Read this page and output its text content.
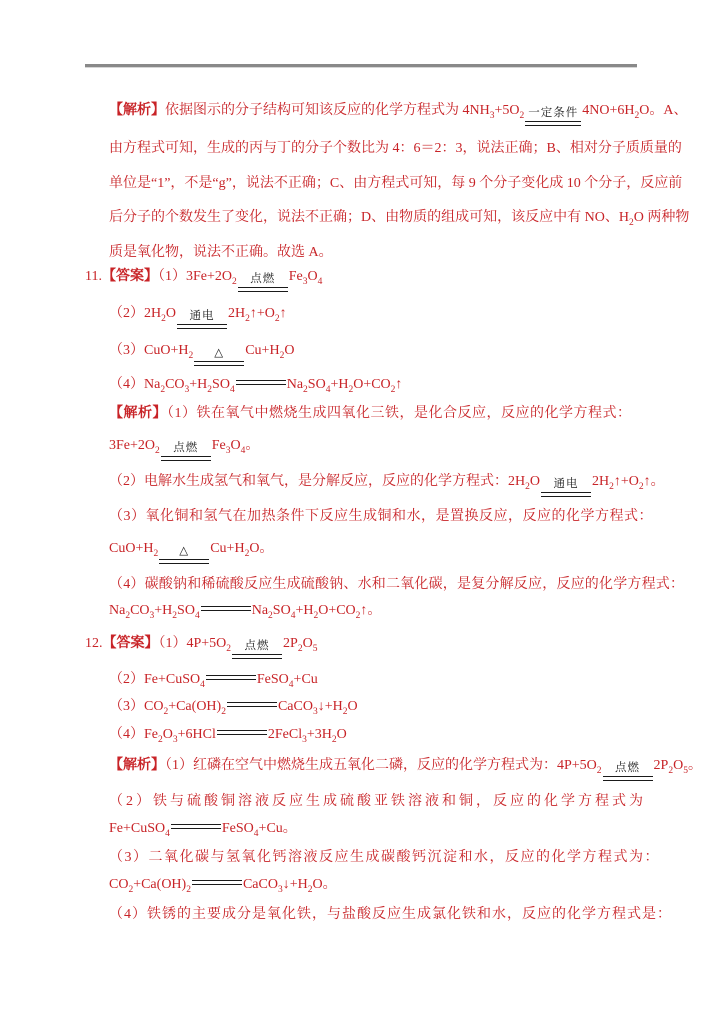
【解析】依据图示的分子结构可知该反应的化学方程式为 $4NH_3+5O_2$ 一定条件 $4NO+6H_2O$。A、
由方程式可知，生成的丙与丁的分子个数比为 4：6＝2：3，说法正确；B、相对分子质质量的
单位是“1”，不是“g”，说法不正确；C、由方程式可知，每 9 个分子变化成 10 个分子，反应前
后分子的个数发生了变化，说法不正确；D、由物质的组成可知，该反应中有 NO、$H_2O$ 两种物
质是氧化物，说法不正确。故选 A。
11.【答案】$(1)3Fe+2O_2$ 点燃 $Fe_3O_4$
$(2)2H_2O$ 通电 $2H_2↑+O_2↑$
$(3)CuO+H_2$ △ $Cu+H_2O$
$(4)Na_2CO_3+H_2SO_4$	$Na_2SO_4+H_2O+CO_2↑$
【解析】（1）铁在氧气中燃烧生成四氧化三铁，是化合反应，反应的化学方程式：
$3Fe+2O_2$ 点燃 $Fe_3O_4$。
（2）电解水生成氢气和氧气，是分解反应，反应的化学方程式：$2H_2O$ 通电 $2H_2↑+O_2↑$。
（3）氧化铜和氢气在加热条件下反应生成铜和水，是置换反应，反应的化学方程式：
$CuO+H_2$ △ $Cu+H_2O$。
（4）碳酸钠和稀硫酸反应生成硫酸钠、水和二氧化碳，是复分解反应，反应的化学方程式：
$Na_2CO_3+H_2SO_4$	$Na_2SO_4+H_2O+CO_2↑$。
12.【答案】$(1)4P+5O_2$ 点燃 $2P_2O_5$
（2）Fe+CuSO$_4$	FeSO$_4$+Cu
$(3)CO_2+Ca(OH)_2$	$CaCO_3↓+H_2O$
$(4)Fe_2O_3+6HCl$	$2FeCl_3+3H_2O$
【解析】（1）红磷在空气中燃烧生成五氧化二磷，反应的化学方程式为：$4P+5O_2$ 点燃 $2P_2O_5$。
（2）铁与硫酸铜溶液反应生成硫酸亚铁溶液和铜，反应的化学方程式为
Fe+CuSO$_4$	FeSO$_4$+Cu。
（3）二氧化碳与氢氧化钙溶液反应生成碳酸钙沉淀和水，反应的化学方程式为：
$CO_2+Ca(OH)_2$	$CaCO_3↓+H_2O$。
（4）铁锈的主要成分是氧化铁，与盐酸反应生成氯化铁和水，反应的化学方程式是：
